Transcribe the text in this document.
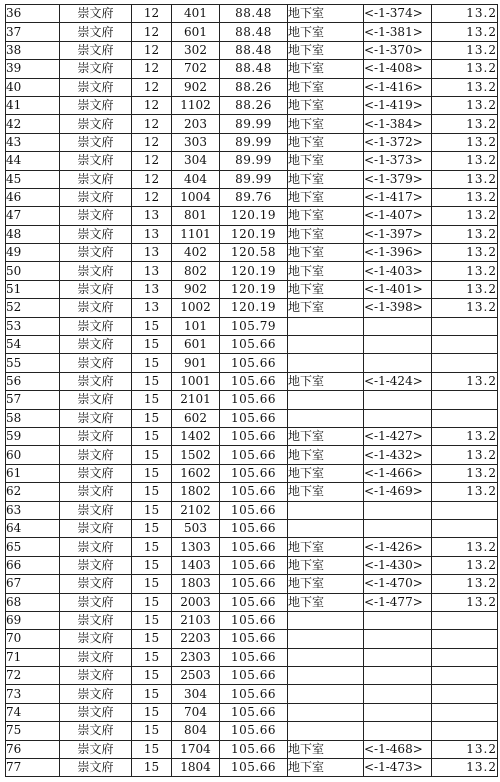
36	崇文府	12	401	88.48	地下室	<-1-374>	13.2
37	崇文府	12	601	88.48	地下室	<-1-381>	13.2
38	崇文府	12	302	88.48	地下室	<-1-370>	13.2
39	崇文府	12	702	88.48	地下室	<-1-408>	13.2
40	崇文府	12	902	88.26	地下室	<-1-416>	13.2
41	崇文府	12	1102	88.26	地下室	<-1-419>	13.2
42	崇文府	12	203	89.99	地下室	<-1-384>	13.2
43	崇文府	12	303	89.99	地下室	<-1-372>	13.2
44	崇文府	12	304	89.99	地下室	<-1-373>	13.2
45	崇文府	12	404	89.99	地下室	<-1-379>	13.2
46	崇文府	12	1004	89.76	地下室	<-1-417>	13.2
47	崇文府	13	801	120.19	地下室	<-1-407>	13.2
48	崇文府	13	1101	120.19	地下室	<-1-397>	13.2
49	崇文府	13	402	120.58	地下室	<-1-396>	13.2
50	崇文府	13	802	120.19	地下室	<-1-403>	13.2
51	崇文府	13	902	120.19	地下室	<-1-401>	13.2
52	崇文府	13	1002	120.19	地下室	<-1-398>	13.2
53	崇文府	15	101	105.79			
54	崇文府	15	601	105.66			
55	崇文府	15	901	105.66			
56	崇文府	15	1001	105.66	地下室	<-1-424>	13.2
57	崇文府	15	2101	105.66			
58	崇文府	15	602	105.66			
59	崇文府	15	1402	105.66	地下室	<-1-427>	13.2
60	崇文府	15	1502	105.66	地下室	<-1-432>	13.2
61	崇文府	15	1602	105.66	地下室	<-1-466>	13.2
62	崇文府	15	1802	105.66	地下室	<-1-469>	13.2
63	崇文府	15	2102	105.66			
64	崇文府	15	503	105.66			
65	崇文府	15	1303	105.66	地下室	<-1-426>	13.2
66	崇文府	15	1403	105.66	地下室	<-1-430>	13.2
67	崇文府	15	1803	105.66	地下室	<-1-470>	13.2
68	崇文府	15	2003	105.66	地下室	<-1-477>	13.2
69	崇文府	15	2103	105.66			
70	崇文府	15	2203	105.66			
71	崇文府	15	2303	105.66			
72	崇文府	15	2503	105.66			
73	崇文府	15	304	105.66			
74	崇文府	15	704	105.66			
75	崇文府	15	804	105.66			
76	崇文府	15	1704	105.66	地下室	<-1-468>	13.2
77	崇文府	15	1804	105.66	地下室	<-1-473>	13.2
